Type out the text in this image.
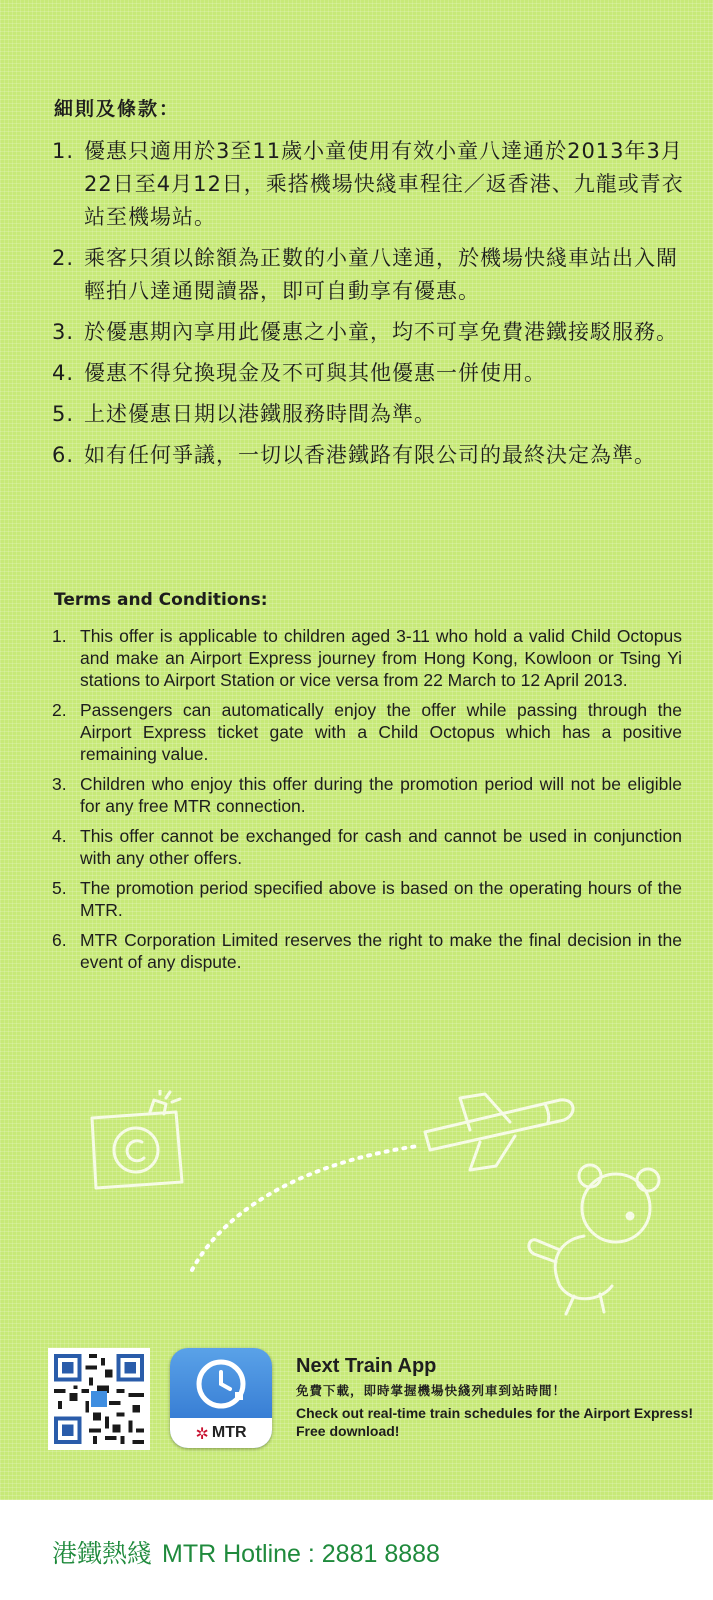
細則及條款：
1. 優惠只適用於3至11歲小童使用有效小童八達通於2013年3月22日至4月12日，乘搭機場快綫車程往／返香港、九龍或青衣站至機場站。
2. 乘客只須以餘額為正數的小童八達通，於機場快綫車站出入閘輕拍八達通閱讀器，即可自動享有優惠。
3. 於優惠期內享用此優惠之小童，均不可享免費港鐵接駁服務。
4. 優惠不得兌換現金及不可與其他優惠一併使用。
5. 上述優惠日期以港鐵服務時間為準。
6. 如有任何爭議，一切以香港鐵路有限公司的最終決定為準。
Terms and Conditions:
1. This offer is applicable to children aged 3-11 who hold a valid Child Octopus and make an Airport Express journey from Hong Kong, Kowloon or Tsing Yi stations to Airport Station or vice versa from 22 March to 12 April 2013.
2. Passengers can automatically enjoy the offer while passing through the Airport Express ticket gate with a Child Octopus which has a positive remaining value.
3. Children who enjoy this offer during the promotion period will not be eligible for any free MTR connection.
4. This offer cannot be exchanged for cash and cannot be used in conjunction with any other offers.
5. The promotion period specified above is based on the operating hours of the MTR.
6. MTR Corporation Limited reserves the right to make the final decision in the event of any dispute.
✲ MTR
Next Train App
免費下載，即時掌握機場快綫列車到站時間！
Check out real-time train schedules for the Airport Express! Free download!
港鐵熱綫 MTR Hotline : 2881 8888
